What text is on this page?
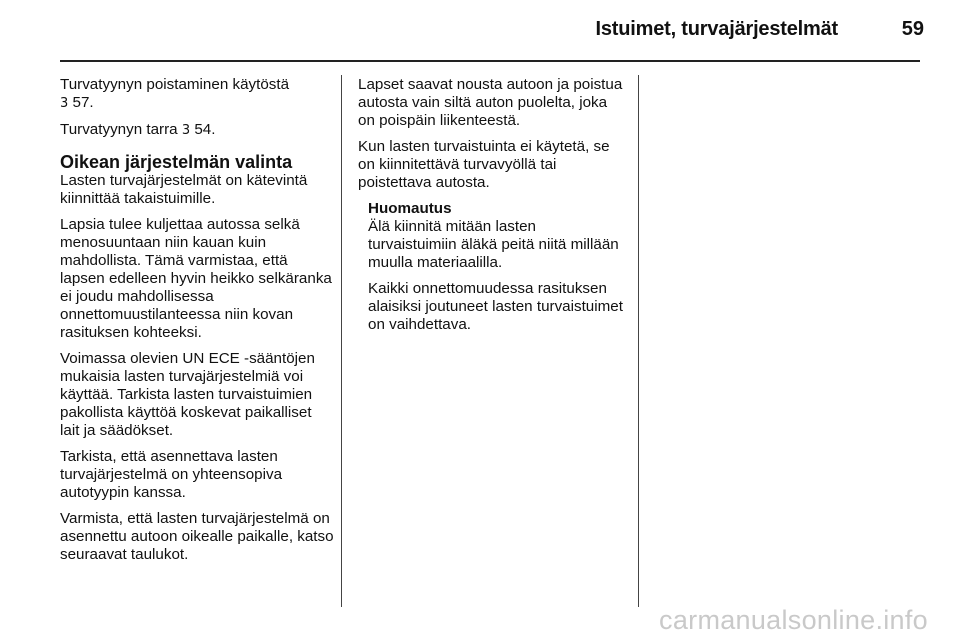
Istuimet, turvajärjestelmät	59

Turvatyynyn poistaminen käytöstä
3 57.

Turvatyynyn tarra 3 54.

Oikean järjestelmän valinta

Lasten turvajärjestelmät on kätevintä kiinnittää takaistuimille.

Lapsia tulee kuljettaa autossa selkä menosuuntaan niin kauan kuin mahdollista. Tämä varmistaa, että lapsen edelleen hyvin heikko selkäranka ei joudu mahdollisessa onnettomuustilanteessa niin kovan rasituksen kohteeksi.

Voimassa olevien UN ECE -sääntöjen mukaisia lasten turvajärjestelmiä voi käyttää. Tarkista lasten turvaistuimien pakollista käyttöä koskevat paikalliset lait ja säädökset.

Tarkista, että asennettava lasten turvajärjestelmä on yhteensopiva autotyypin kanssa.

Varmista, että lasten turvajärjestelmä on asennettu autoon oikealle paikalle, katso seuraavat taulukot.

Lapset saavat nousta autoon ja poistua autosta vain siltä auton puolelta, joka on poispäin liikenteestä.

Kun lasten turvaistuinta ei käytetä, se on kiinnitettävä turvavyöllä tai poistettava autosta.

Huomautus

Älä kiinnitä mitään lasten turvaistuimiin äläkä peitä niitä millään muulla materiaalilla.

Kaikki onnettomuudessa rasituksen alaisiksi joutuneet lasten turvaistuimet on vaihdettava.

carmanualsonline.info
